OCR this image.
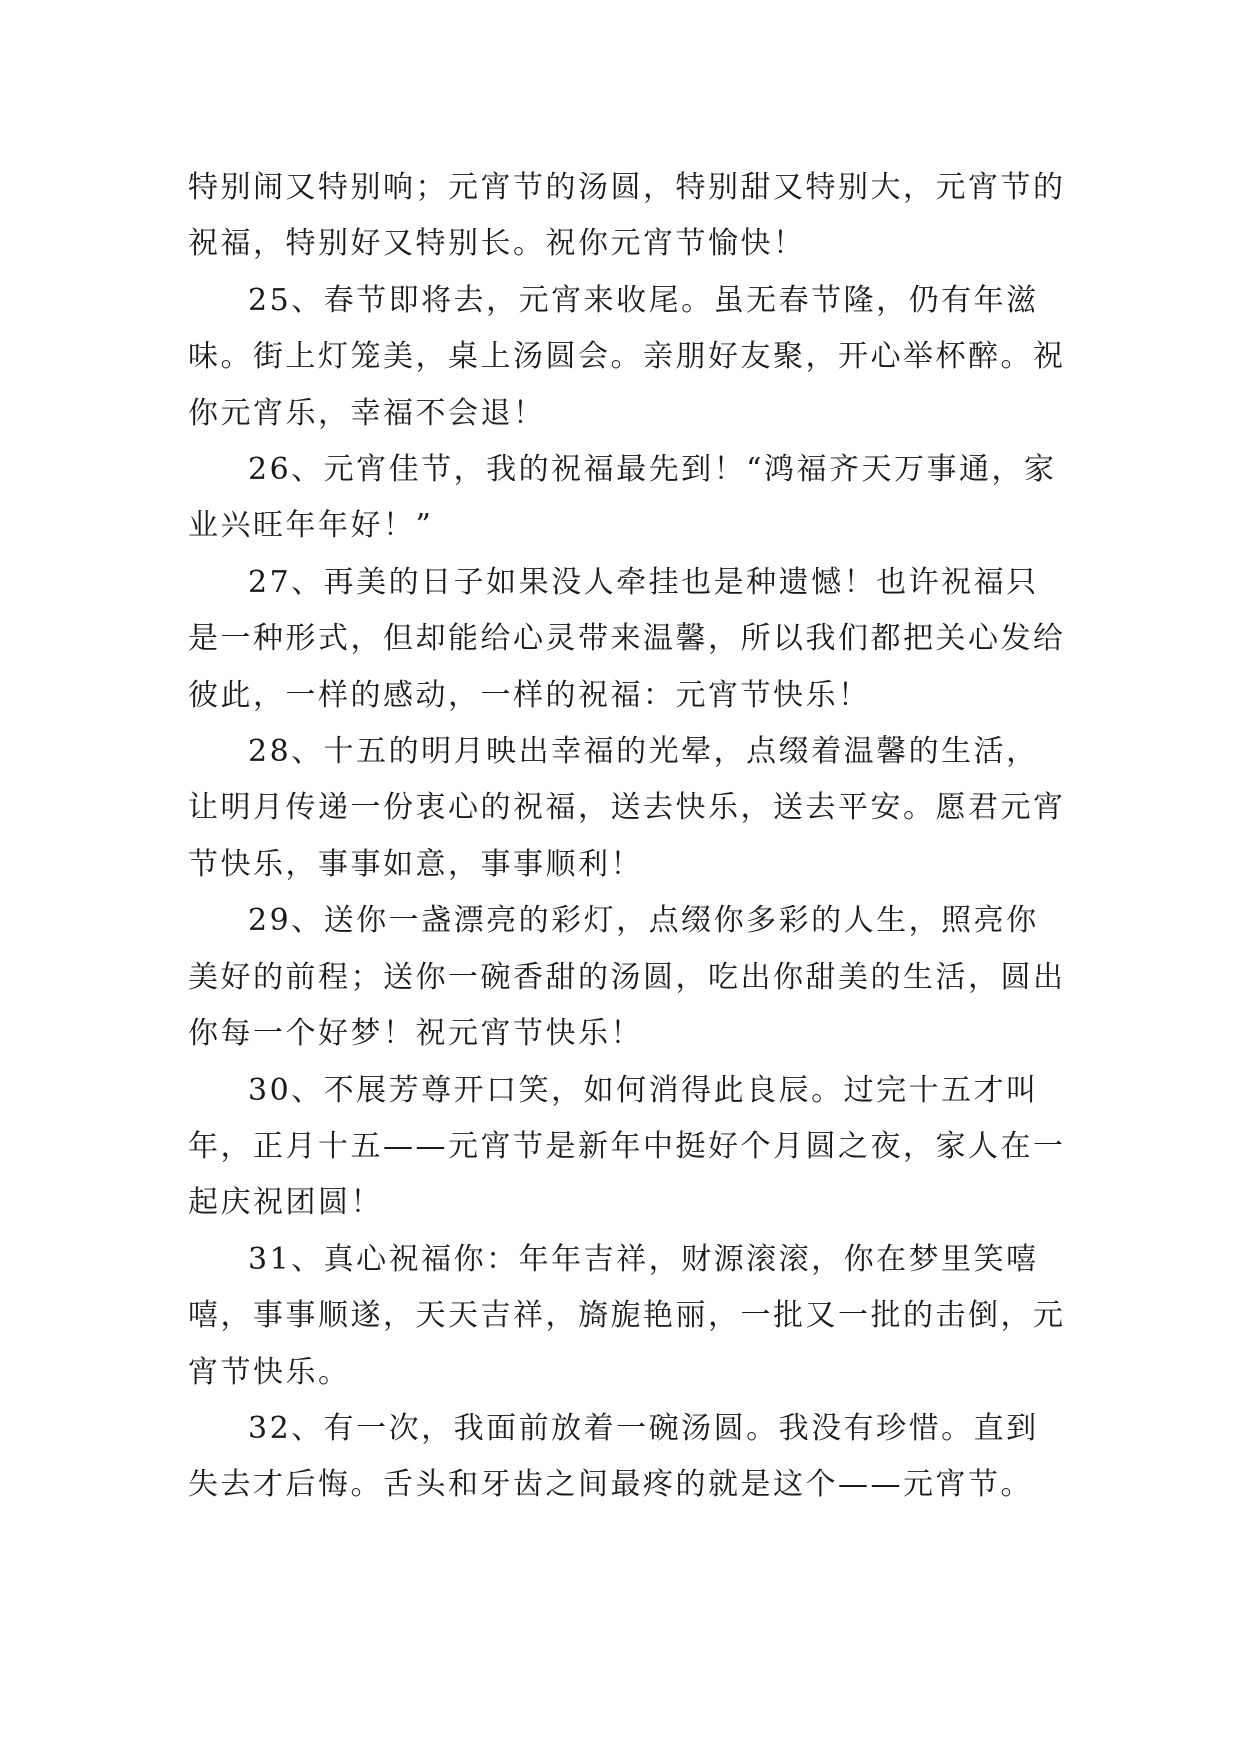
特别闹又特别响；元宵节的汤圆，特别甜又特别大，元宵节的祝福，特别好又特别长。祝你元宵节愉快！

25、春节即将去，元宵来收尾。虽无春节隆，仍有年滋味。街上灯笼美，桌上汤圆会。亲朋好友聚，开心举杯醉。祝你元宵乐，幸福不会退！

26、元宵佳节，我的祝福最先到！“鸿福齐天万事通，家业兴旺年年好！”

27、再美的日子如果没人牵挂也是种遗憾！也许祝福只是一种形式，但却能给心灵带来温馨，所以我们都把关心发给彼此，一样的感动，一样的祝福：元宵节快乐！

28、十五的明月映出幸福的光晕，点缀着温馨的生活，让明月传递一份衷心的祝福，送去快乐，送去平安。愿君元宵节快乐，事事如意，事事顺利！

29、送你一盏漂亮的彩灯，点缀你多彩的人生，照亮你美好的前程；送你一碗香甜的汤圆，吃出你甜美的生活，圆出你每一个好梦！祝元宵节快乐！

30、不展芳尊开口笑，如何消得此良辰。过完十五才叫年，正月十五——元宵节是新年中挺好个月圆之夜，家人在一起庆祝团圆！

31、真心祝福你：年年吉祥，财源滚滚，你在梦里笑嘻嘻，事事顺遂，天天吉祥，旖旎艳丽，一批又一批的击倒，元宵节快乐。

32、有一次，我面前放着一碗汤圆。我没有珍惜。直到失去才后悔。舌头和牙齿之间最疼的就是这个——元宵节。
